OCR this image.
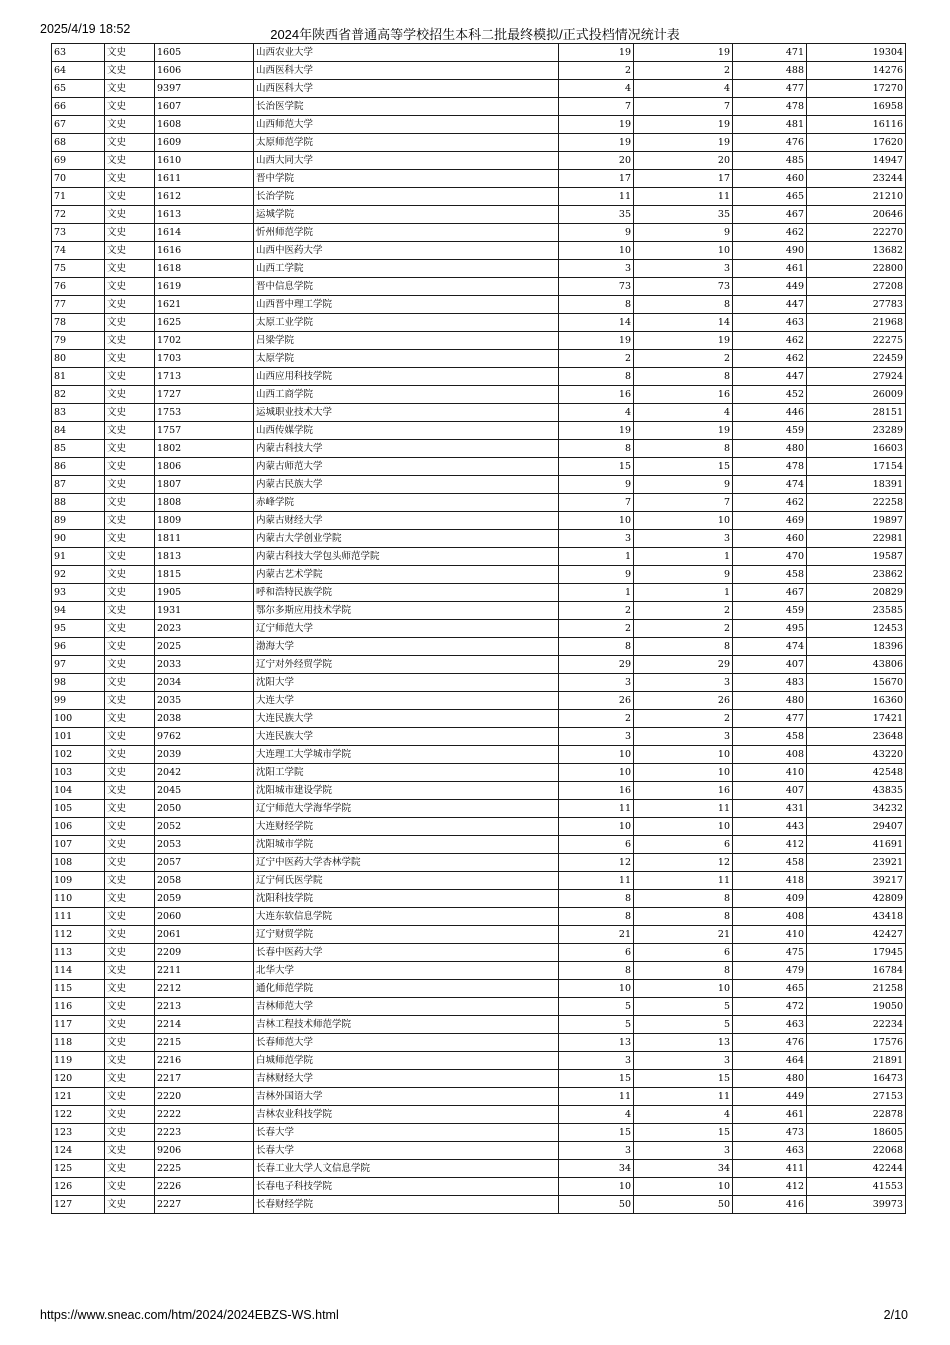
2025/4/19 18:52	2024年陕西省普通高等学校招生本科二批最终模拟/正式投档情况统计表
63	文史	1605	山西农业大学	19	19	471	19304
64	文史	1606	山西医科大学	2	2	488	14276
65	文史	9397	山西医科大学	4	4	477	17270
66	文史	1607	长治医学院	7	7	478	16958
67	文史	1608	山西师范大学	19	19	481	16116
68	文史	1609	太原师范学院	19	19	476	17620
69	文史	1610	山西大同大学	20	20	485	14947
70	文史	1611	晋中学院	17	17	460	23244
71	文史	1612	长治学院	11	11	465	21210
72	文史	1613	运城学院	35	35	467	20646
73	文史	1614	忻州师范学院	9	9	462	22270
74	文史	1616	山西中医药大学	10	10	490	13682
75	文史	1618	山西工学院	3	3	461	22800
76	文史	1619	晋中信息学院	73	73	449	27208
77	文史	1621	山西晋中理工学院	8	8	447	27783
78	文史	1625	太原工业学院	14	14	463	21968
79	文史	1702	吕梁学院	19	19	462	22275
80	文史	1703	太原学院	2	2	462	22459
81	文史	1713	山西应用科技学院	8	8	447	27924
82	文史	1727	山西工商学院	16	16	452	26009
83	文史	1753	运城职业技术大学	4	4	446	28151
84	文史	1757	山西传媒学院	19	19	459	23289
85	文史	1802	内蒙古科技大学	8	8	480	16603
86	文史	1806	内蒙古师范大学	15	15	478	17154
87	文史	1807	内蒙古民族大学	9	9	474	18391
88	文史	1808	赤峰学院	7	7	462	22258
89	文史	1809	内蒙古财经大学	10	10	469	19897
90	文史	1811	内蒙古大学创业学院	3	3	460	22981
91	文史	1813	内蒙古科技大学包头师范学院	1	1	470	19587
92	文史	1815	内蒙古艺术学院	9	9	458	23862
93	文史	1905	呼和浩特民族学院	1	1	467	20829
94	文史	1931	鄂尔多斯应用技术学院	2	2	459	23585
95	文史	2023	辽宁师范大学	2	2	495	12453
96	文史	2025	渤海大学	8	8	474	18396
97	文史	2033	辽宁对外经贸学院	29	29	407	43806
98	文史	2034	沈阳大学	3	3	483	15670
99	文史	2035	大连大学	26	26	480	16360
100	文史	2038	大连民族大学	2	2	477	17421
101	文史	9762	大连民族大学	3	3	458	23648
102	文史	2039	大连理工大学城市学院	10	10	408	43220
103	文史	2042	沈阳工学院	10	10	410	42548
104	文史	2045	沈阳城市建设学院	16	16	407	43835
105	文史	2050	辽宁师范大学海华学院	11	11	431	34232
106	文史	2052	大连财经学院	10	10	443	29407
107	文史	2053	沈阳城市学院	6	6	412	41691
108	文史	2057	辽宁中医药大学杏林学院	12	12	458	23921
109	文史	2058	辽宁何氏医学院	11	11	418	39217
110	文史	2059	沈阳科技学院	8	8	409	42809
111	文史	2060	大连东软信息学院	8	8	408	43418
112	文史	2061	辽宁财贸学院	21	21	410	42427
113	文史	2209	长春中医药大学	6	6	475	17945
114	文史	2211	北华大学	8	8	479	16784
115	文史	2212	通化师范学院	10	10	465	21258
116	文史	2213	吉林师范大学	5	5	472	19050
117	文史	2214	吉林工程技术师范学院	5	5	463	22234
118	文史	2215	长春师范大学	13	13	476	17576
119	文史	2216	白城师范学院	3	3	464	21891
120	文史	2217	吉林财经大学	15	15	480	16473
121	文史	2220	吉林外国语大学	11	11	449	27153
122	文史	2222	吉林农业科技学院	4	4	461	22878
123	文史	2223	长春大学	15	15	473	18605
124	文史	9206	长春大学	3	3	463	22068
125	文史	2225	长春工业大学人文信息学院	34	34	411	42244
126	文史	2226	长春电子科技学院	10	10	412	41553
127	文史	2227	长春财经学院	50	50	416	39973
https://www.sneac.com/htm/2024/2024EBZS-WS.html	2/10
